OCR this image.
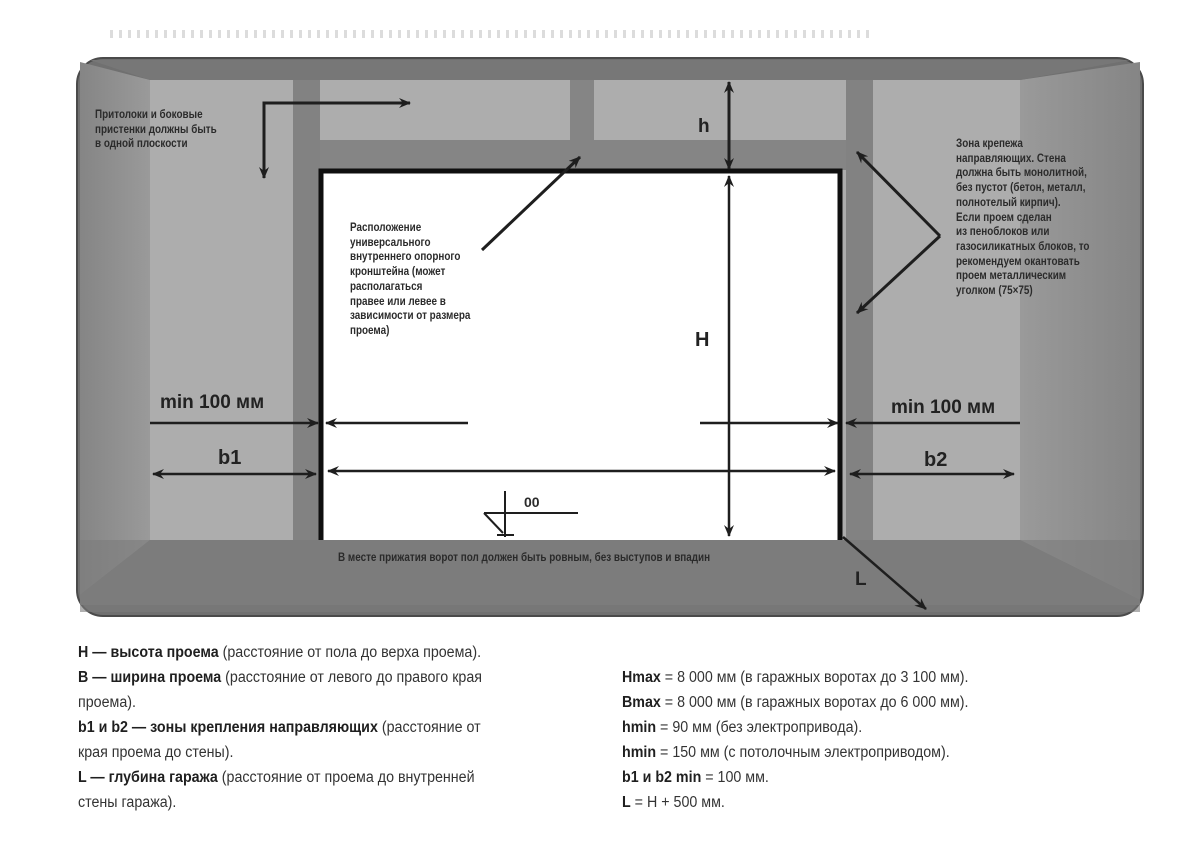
Притолоки и боковые
пристенки должны быть
в одной плоскости
Расположение
универсального
внутреннего опорного
кронштейна (может
располагаться
правее или левее в
зависимости от размера
проема)
Зона крепежа
направляющих. Стена
должна быть монолитной,
без пустот (бетон, металл,
полнотелый кирпич).
Если проем сделан
из пеноблоков или
газосиликатных блоков, то
рекомендуем окантовать
проем металлическим
уголком (75×75)
В месте прижатия ворот пол должен быть ровным, без выступов и впадин
min 100 мм	min 100 мм
b1	b2
H
h
L
00
H — высота проема (расстояние от пола до верха проема).
B — ширина проема (расстояние от левого до правого края
проема).
b1 и b2 — зоны крепления направляющих (расстояние от
края проема до стены).
L — глубина гаража (расстояние от проема до внутренней
стены гаража).
Hmax = 8 000 мм (в гаражных воротах до 3 100 мм).
Bmax = 8 000 мм (в гаражных воротах до 6 000 мм).
hmin = 90 мм (без электропривода).
hmin = 150 мм (с потолочным электроприводом).
b1 и b2 min = 100 мм.
L = H + 500 мм.
